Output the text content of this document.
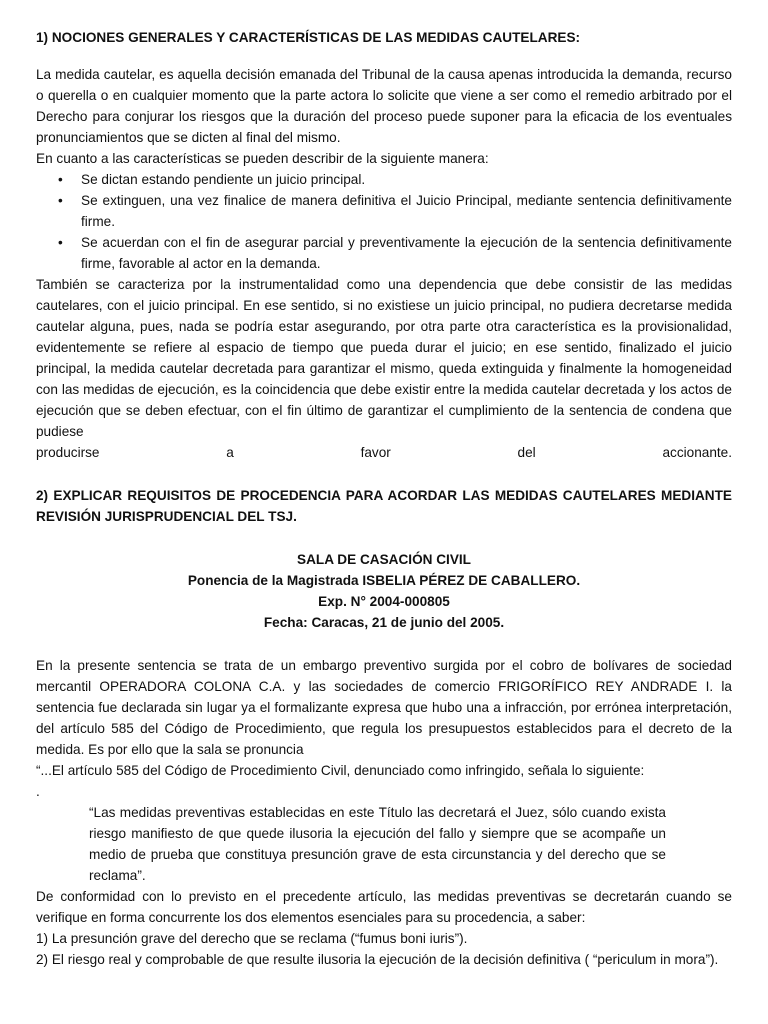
1) NOCIONES GENERALES Y CARACTERÍSTICAS DE LAS MEDIDAS CAUTELARES:

La medida cautelar, es aquella decisión emanada del Tribunal de la causa apenas introducida la demanda, recurso o querella o en cualquier momento que la parte actora lo solicite que viene a ser como el remedio arbitrado por el Derecho para conjurar los riesgos que la duración del proceso puede suponer para la eficacia de los eventuales pronunciamientos que se dicten al final del mismo.

En cuanto a las características se pueden describir de la siguiente manera:

• Se dictan estando pendiente un juicio principal.
• Se extinguen, una vez finalice de manera definitiva el Juicio Principal, mediante sentencia definitivamente firme.
• Se acuerdan con el fin de asegurar parcial y preventivamente la ejecución de la sentencia definitivamente firme, favorable al actor en la demanda.

También se caracteriza por la instrumentalidad como una dependencia que debe consistir de las medidas cautelares, con el juicio principal. En ese sentido, si no existiese un juicio principal, no pudiera decretarse medida cautelar alguna, pues, nada se podría estar asegurando, por otra parte otra característica es la provisionalidad, evidentemente se refiere al espacio de tiempo que pueda durar el juicio; en ese sentido, finalizado el juicio principal, la medida cautelar decretada para garantizar el mismo, queda extinguida y finalmente la homogeneidad con las medidas de ejecución, es la coincidencia que debe existir entre la medida cautelar decretada y los actos de ejecución que se deben efectuar, con el fin último de garantizar el cumplimiento de la sentencia de condena que pudiese

producirse a favor del accionante.

2) EXPLICAR REQUISITOS DE PROCEDENCIA PARA ACORDAR LAS MEDIDAS CAUTELARES MEDIANTE REVISIÓN JURISPRUDENCIAL DEL TSJ.

SALA DE CASACIÓN CIVIL

Ponencia de la Magistrada ISBELIA PÉREZ DE CABALLERO.

Exp. N° 2004-000805

Fecha: Caracas, 21 de junio del 2005.

En la presente sentencia se trata de un embargo preventivo surgida por el cobro de bolívares de sociedad mercantil OPERADORA COLONA C.A. y las sociedades de comercio FRIGORÍFICO REY ANDRADE I. la sentencia fue declarada sin lugar ya el formalizante expresa que hubo una a infracción, por errónea interpretación, del artículo 585 del Código de Procedimiento, que regula los presupuestos establecidos para el decreto de la medida. Es por ello que la sala se pronuncia

“...El artículo 585 del Código de Procedimiento Civil, denunciado como infringido, señala lo siguiente:

.

“Las medidas preventivas establecidas en este Título las decretará el Juez, sólo cuando exista riesgo manifiesto de que quede ilusoria la ejecución del fallo y siempre que se acompañe un medio de prueba que constituya presunción grave de esta circunstancia y del derecho que se reclama”.

De conformidad con lo previsto en el precedente artículo, las medidas preventivas se decretarán cuando se verifique en forma concurrente los dos elementos esenciales para su procedencia, a saber:

1) La presunción grave del derecho que se reclama (“fumus boni iuris”).

2) El riesgo real y comprobable de que resulte ilusoria la ejecución de la decisión definitiva ( “periculum in mora”).
